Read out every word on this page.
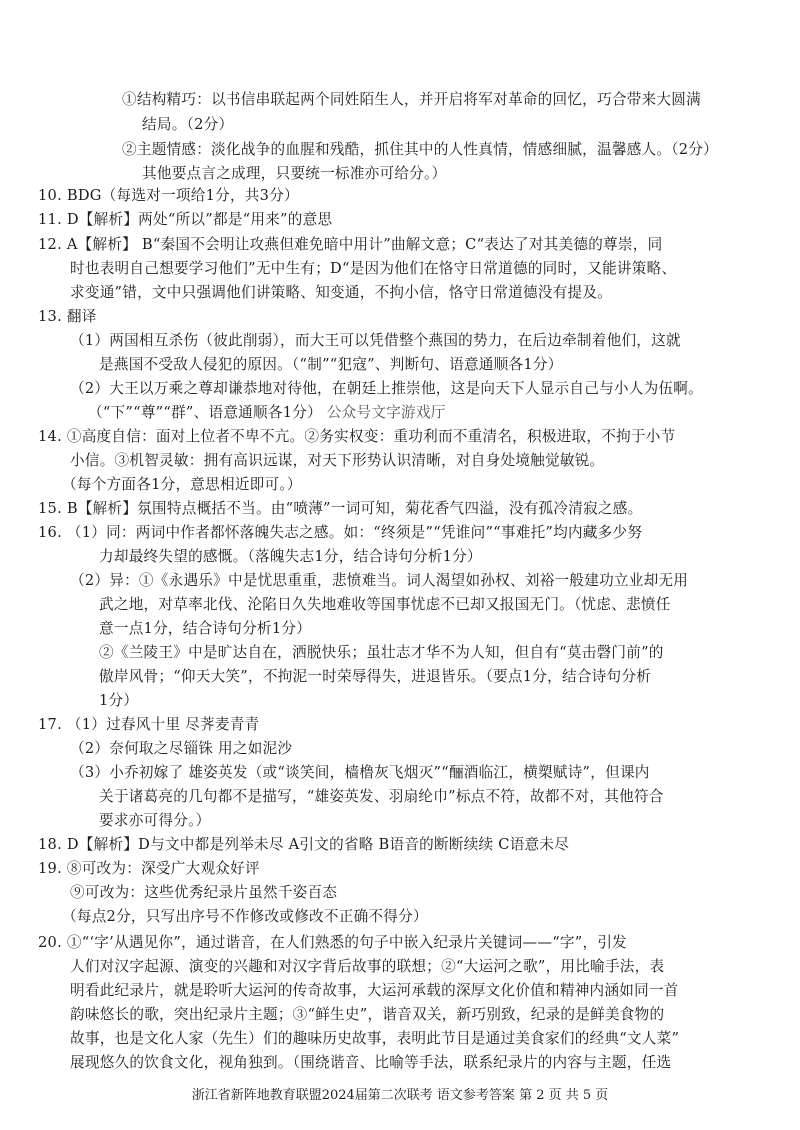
①结构精巧：以书信串联起两个同姓陌生人，并开启将军对革命的回忆，巧合带来大圆满
结局。（2分）
②主题情感：淡化战争的血腥和残酷，抓住其中的人性真情，情感细腻，温馨感人。（2分）
其他要点言之成理，只要统一标准亦可给分。）
10. BDG（每选对一项给1分，共3分）
11. D【解析】两处“所以”都是“用来”的意思
12. A【解析】 B“秦国不会明让攻燕但难免暗中用计”曲解文意；C“表达了对其美德的尊崇，同
时也表明自己想要学习他们”无中生有；D“是因为他们在恪守日常道德的同时，又能讲策略、
求变通”错，文中只强调他们讲策略、知变通，不拘小信，恪守日常道德没有提及。
13. 翻译
（1）两国相互杀伤（彼此削弱），而大王可以凭借整个燕国的势力，在后边牵制着他们，这就
是燕国不受敌人侵犯的原因。（“制”“犯寇”、判断句、语意通顺各1分）
（2）大王以万乘之尊却谦恭地对待他，在朝廷上推崇他，这是向天下人显示自己与小人为伍啊。
（“下”“尊”“群”、语意通顺各1分） 公众号文字游戏厅
14. ①高度自信：面对上位者不卑不亢。②务实权变：重功利而不重清名，积极进取，不拘于小节
小信。③机智灵敏：拥有高识远谋，对天下形势认识清晰，对自身处境触觉敏锐。
（每个方面各1分，意思相近即可。）
15. B【解析】氛围特点概括不当。由“喷薄”一词可知，菊花香气四溢，没有孤冷清寂之感。
16. （1）同：两词中作者都怀落魄失志之感。如：“终须是”“凭谁问”“事难托”均内藏多少努
力却最终失望的感慨。（落魄失志1分，结合诗句分析1分）
（2）异：①《永遇乐》中是忧思重重，悲愤难当。词人渴望如孙权、刘裕一般建功立业却无用
武之地，对草率北伐、沦陷日久失地难收等国事忧虑不已却又报国无门。（忧虑、悲愤任
意一点1分，结合诗句分析1分）
②《兰陵王》中是旷达自在，洒脱快乐；虽壮志才华不为人知，但自有“莫击磬门前”的
傲岸风骨；“仰天大笑”，不拘泥一时荣辱得失，进退皆乐。（要点1分，结合诗句分析
1分）
17. （1）过春风十里 尽荠麦青青
（2）奈何取之尽锱铢 用之如泥沙
（3）小乔初嫁了 雄姿英发（或“谈笑间，樯橹灰飞烟灭”“酾酒临江，横槊赋诗”，但课内
关于诸葛亮的几句都不是描写，“雄姿英发、羽扇纶巾”标点不符，故都不对，其他符合
要求亦可得分。）
18. D【解析】D与文中都是列举未尽 A引文的省略 B语音的断断续续 C语意未尽
19. ⑧可改为：深受广大观众好评
⑨可改为：这些优秀纪录片虽然千姿百态
（每点2分，只写出序号不作修改或修改不正确不得分）
20. ①“‘字’从遇见你”，通过谐音，在人们熟悉的句子中嵌入纪录片关键词——“字”，引发
人们对汉字起源、演变的兴趣和对汉字背后故事的联想；②“大运河之歌”，用比喻手法，表
明看此纪录片，就是聆听大运河的传奇故事，大运河承载的深厚文化价值和精神内涵如同一首
韵味悠长的歌，突出纪录片主题；③“鲜生史”，谐音双关，新巧别致，纪录的是鲜美食物的
故事，也是文化人家（先生）们的趣味历史故事，表明此节目是通过美食家们的经典“文人菜”
展现悠久的饮食文化，视角独到。（围绕谐音、比喻等手法，联系纪录片的内容与主题，任选
浙江省新阵地教育联盟2024届第二次联考 语文参考答案 第 2 页 共 5 页
